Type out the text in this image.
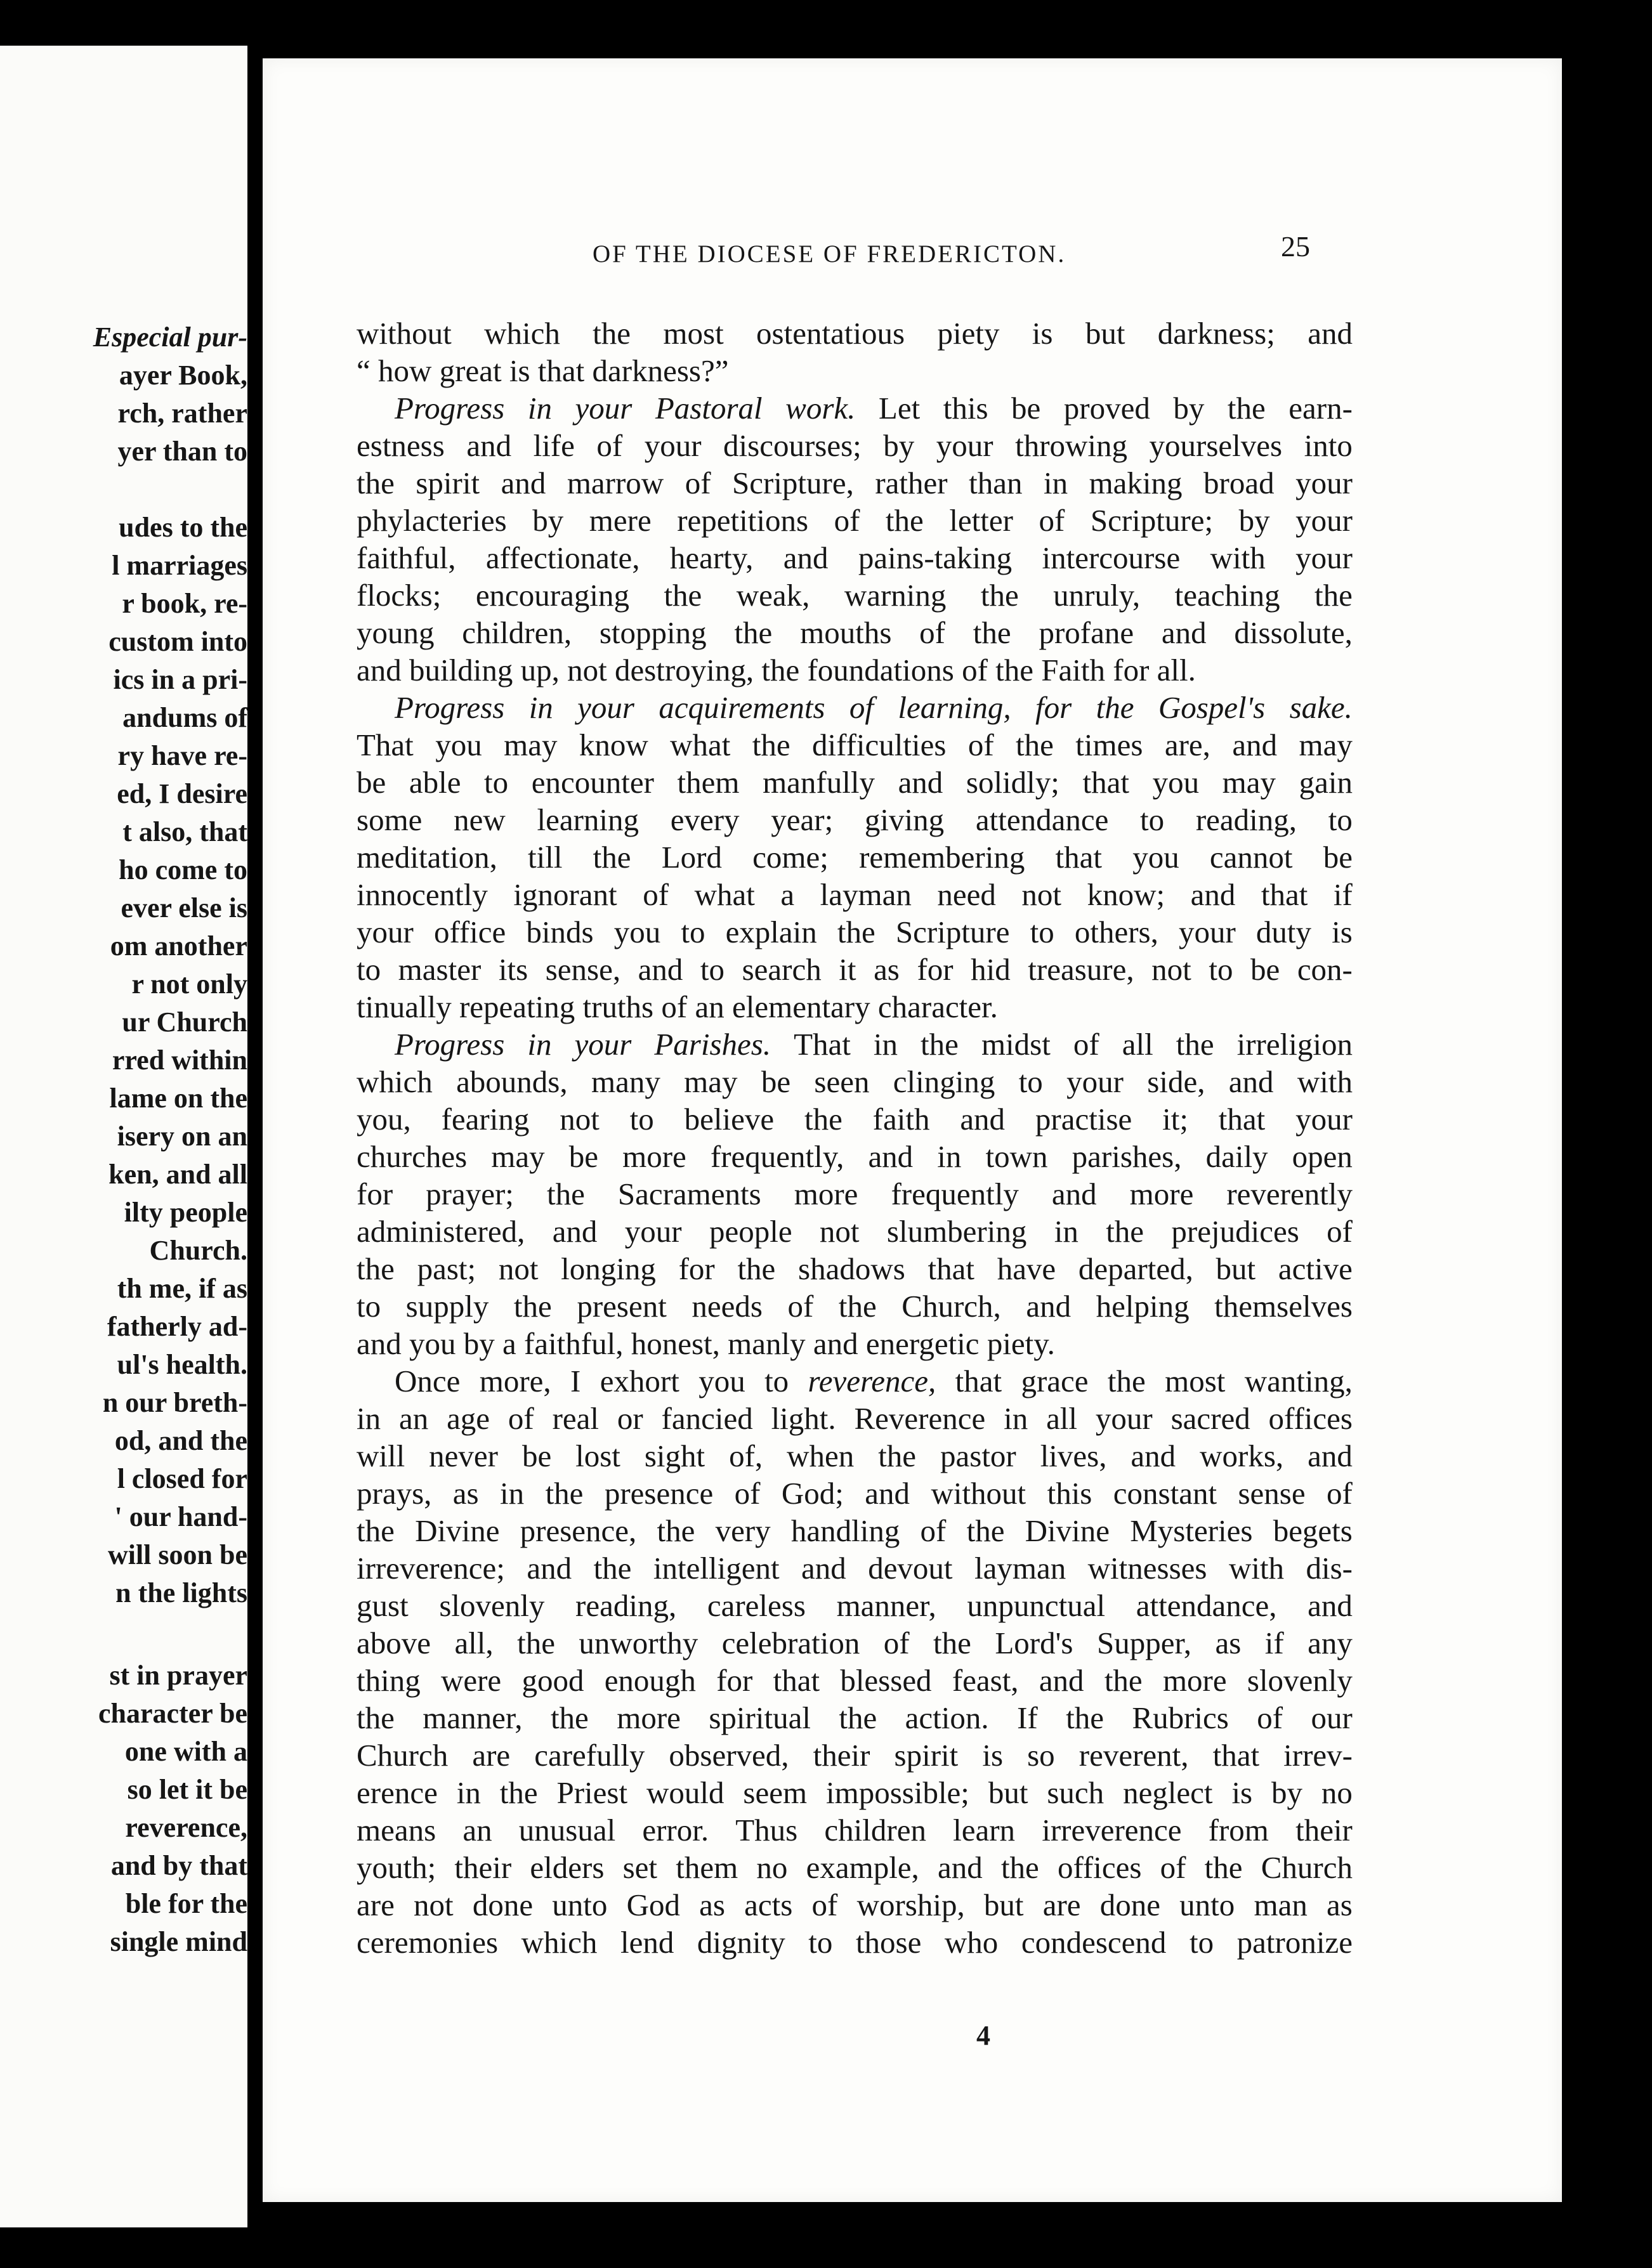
Especial pur-
ayer Book,
rch, rather
yer than to
udes to the
l marriages
r book, re-
custom into
ics in a pri-
andums of
ry have re-
ed, I desire
t also, that
ho come to
ever else is
om another
r not only
ur Church
rred within
lame on the
isery on an
ken, and all
ilty people
Church.
th me, if as
fatherly ad-
ul's health.
n our breth-
od, and the
l closed for
' our hand-
will soon be
n the lights
st in prayer
character be
one with a
so let it be
reverence,
and by that
ble for the
single mind
OF THE DIOCESE OF FREDERICTON.	25
without which the most ostentatious piety is but darkness; and
“ how great is that darkness?”
Progress in your Pastoral work. Let this be proved by the earn-
estness and life of your discourses; by your throwing yourselves into
the spirit and marrow of Scripture, rather than in making broad your
phylacteries by mere repetitions of the letter of Scripture; by your
faithful, affectionate, hearty, and pains-taking intercourse with your
flocks; encouraging the weak, warning the unruly, teaching the
young children, stopping the mouths of the profane and dissolute,
and building up, not destroying, the foundations of the Faith for all.
Progress in your acquirements of learning, for the Gospel's sake.
That you may know what the difficulties of the times are, and may
be able to encounter them manfully and solidly; that you may gain
some new learning every year; giving attendance to reading, to
meditation, till the Lord come; remembering that you cannot be
innocently ignorant of what a layman need not know; and that if
your office binds you to explain the Scripture to others, your duty is
to master its sense, and to search it as for hid treasure, not to be con-
tinually repeating truths of an elementary character.
Progress in your Parishes. That in the midst of all the irreligion
which abounds, many may be seen clinging to your side, and with
you, fearing not to believe the faith and practise it; that your
churches may be more frequently, and in town parishes, daily open
for prayer; the Sacraments more frequently and more reverently
administered, and your people not slumbering in the prejudices of
the past; not longing for the shadows that have departed, but active
to supply the present needs of the Church, and helping themselves
and you by a faithful, honest, manly and energetic piety.
Once more, I exhort you to reverence, that grace the most wanting,
in an age of real or fancied light. Reverence in all your sacred offices
will never be lost sight of, when the pastor lives, and works, and
prays, as in the presence of God; and without this constant sense of
the Divine presence, the very handling of the Divine Mysteries begets
irreverence; and the intelligent and devout layman witnesses with dis-
gust slovenly reading, careless manner, unpunctual attendance, and
above all, the unworthy celebration of the Lord's Supper, as if any
thing were good enough for that blessed feast, and the more slovenly
the manner, the more spiritual the action. If the Rubrics of our
Church are carefully observed, their spirit is so reverent, that irrev-
erence in the Priest would seem impossible; but such neglect is by no
means an unusual error. Thus children learn irreverence from their
youth; their elders set them no example, and the offices of the Church
are not done unto God as acts of worship, but are done unto man as
ceremonies which lend dignity to those who condescend to patronize
4
